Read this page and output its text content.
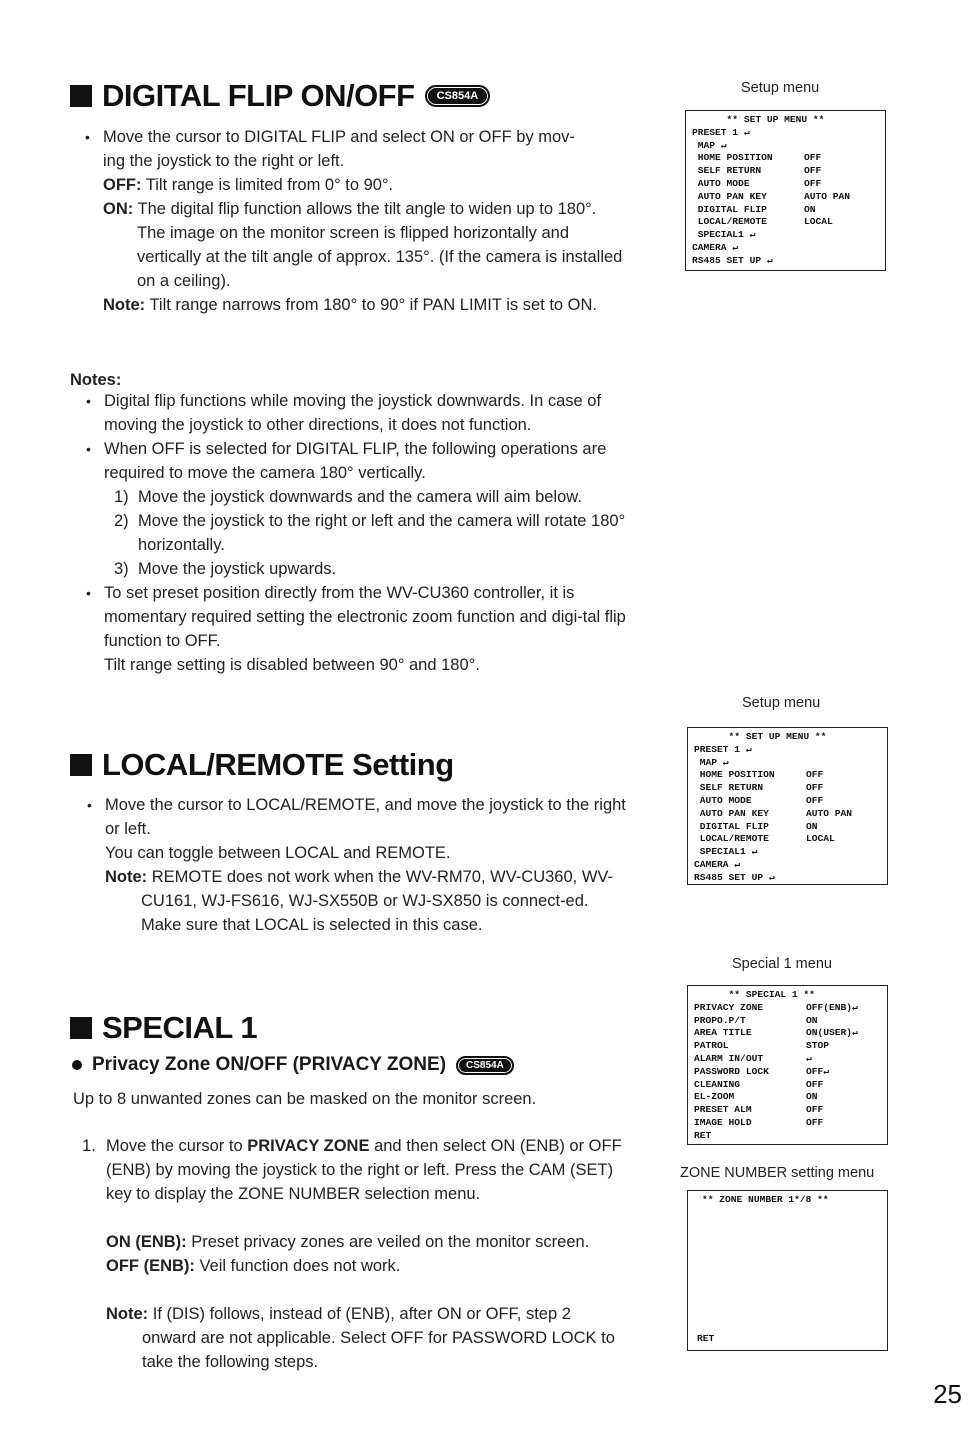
DIGITAL FLIP ON/OFF	CS854A
• Move the cursor to DIGITAL FLIP and select ON or OFF by mov-
ing the joystick to the right or left.
OFF: Tilt range is limited from 0° to 90°.
ON: The digital flip function allows the tilt angle to widen up to 180°. The image on the monitor screen is flipped horizontally and vertically at the tilt angle of approx. 135°. (If the camera is installed on a ceiling).
Note: Tilt range narrows from 180° to 90° if PAN LIMIT is set to ON.
Notes:
• Digital flip functions while moving the joystick downwards. In case of moving the joystick to other directions, it does not function.
• When OFF is selected for DIGITAL FLIP, the following operations are required to move the camera 180° vertically.
1) Move the joystick downwards and the camera will aim below.
2) Move the joystick to the right or left and the camera will rotate 180° horizontally.
3) Move the joystick upwards.
• To set preset position directly from the WV-CU360 controller, it is momentary required setting the electronic zoom function and digi-tal flip function to OFF.
Tilt range setting is disabled between 90° and 180°.
LOCAL/REMOTE Setting
• Move the cursor to LOCAL/REMOTE, and move the joystick to the right or left.
You can toggle between LOCAL and REMOTE.
Note: REMOTE does not work when the WV-RM70, WV-CU360, WV-CU161, WJ-FS616, WJ-SX550B or WJ-SX850 is connect-ed. Make sure that LOCAL is selected in this case.
SPECIAL 1
Privacy Zone ON/OFF (PRIVACY ZONE)	CS854A
Up to 8 unwanted zones can be masked on the monitor screen.
1. Move the cursor to PRIVACY ZONE and then select ON (ENB) or OFF (ENB) by moving the joystick to the right or left. Press the CAM (SET) key to display the ZONE NUMBER selection menu.
ON (ENB): Preset privacy zones are veiled on the monitor screen.
OFF (ENB): Veil function does not work.
Note: If (DIS) follows, instead of (ENB), after ON or OFF, step 2 onward are not applicable. Select OFF for PASSWORD LOCK to take the following steps.
Setup menu
** SET UP MENU **
PRESET 1 ↵
MAP ↵
HOME POSITION	OFF
SELF RETURN	OFF
AUTO MODE	OFF
AUTO PAN KEY	AUTO PAN
DIGITAL FLIP	ON
LOCAL/REMOTE	LOCAL
SPECIAL1 ↵
CAMERA ↵
RS485 SET UP ↵
Setup menu
** SET UP MENU **
PRESET 1 ↵
MAP ↵
HOME POSITION	OFF
SELF RETURN	OFF
AUTO MODE	OFF
AUTO PAN KEY	AUTO PAN
DIGITAL FLIP	ON
LOCAL/REMOTE	LOCAL
SPECIAL1 ↵
CAMERA ↵
RS485 SET UP ↵
Special 1 menu
** SPECIAL 1 **
PRIVACY ZONE	OFF(ENB)↵
PROPO.P/T	ON
AREA TITLE	ON(USER)↵
PATROL	STOP
ALARM IN/OUT	↵
PASSWORD LOCK	OFF↵
CLEANING	OFF
EL-ZOOM	ON
PRESET ALM	OFF
IMAGE HOLD	OFF
RET
ZONE NUMBER setting menu
** ZONE NUMBER 1*/8 **
RET
25
